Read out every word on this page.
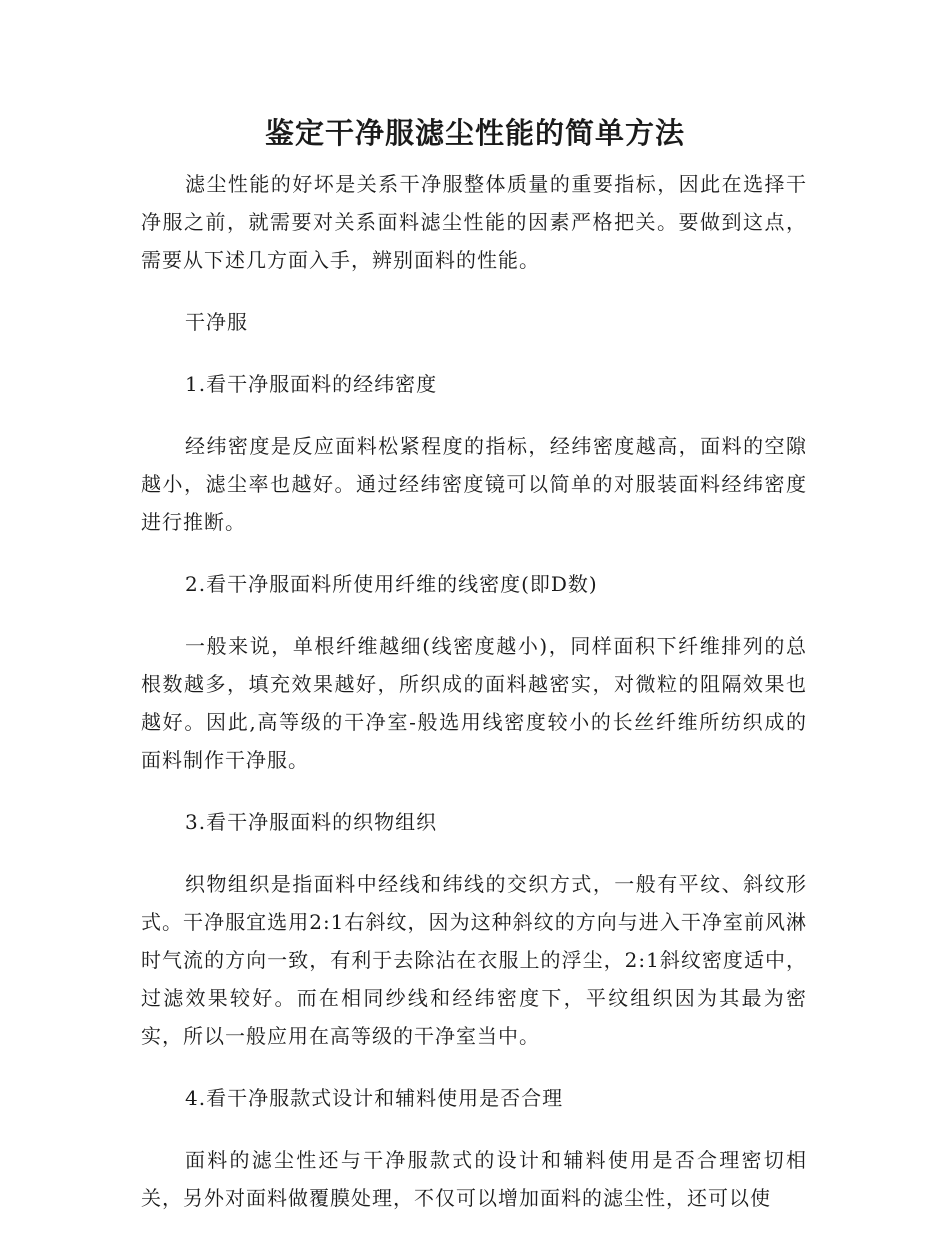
鉴定干净服滤尘性能的简单方法

滤尘性能的好坏是关系干净服整体质量的重要指标，因此在选择干净服之前，就需要对关系面料滤尘性能的因素严格把关。要做到这点，需要从下述几方面入手，辨别面料的性能。

干净服

1.看干净服面料的经纬密度

经纬密度是反应面料松紧程度的指标，经纬密度越高，面料的空隙越小，滤尘率也越好。通过经纬密度镜可以简单的对服装面料经纬密度进行推断。

2.看干净服面料所使用纤维的线密度(即D数)

一般来说，单根纤维越细(线密度越小)，同样面积下纤维排列的总根数越多，填充效果越好，所织成的面料越密实，对微粒的阻隔效果也越好。因此,高等级的干净室-般选用线密度较小的长丝纤维所纺织成的面料制作干净服。

3.看干净服面料的织物组织

织物组织是指面料中经线和纬线的交织方式，一般有平纹、斜纹形式。干净服宜选用2:1右斜纹，因为这种斜纹的方向与进入干净室前风淋时气流的方向一致，有利于去除沾在衣服上的浮尘，2:1斜纹密度适中，过滤效果较好。而在相同纱线和经纬密度下，平纹组织因为其最为密实，所以一般应用在高等级的干净室当中。

4.看干净服款式设计和辅料使用是否合理

面料的滤尘性还与干净服款式的设计和辅料使用是否合理密切相关，另外对面料做覆膜处理，不仅可以增加面料的滤尘性，还可以使
